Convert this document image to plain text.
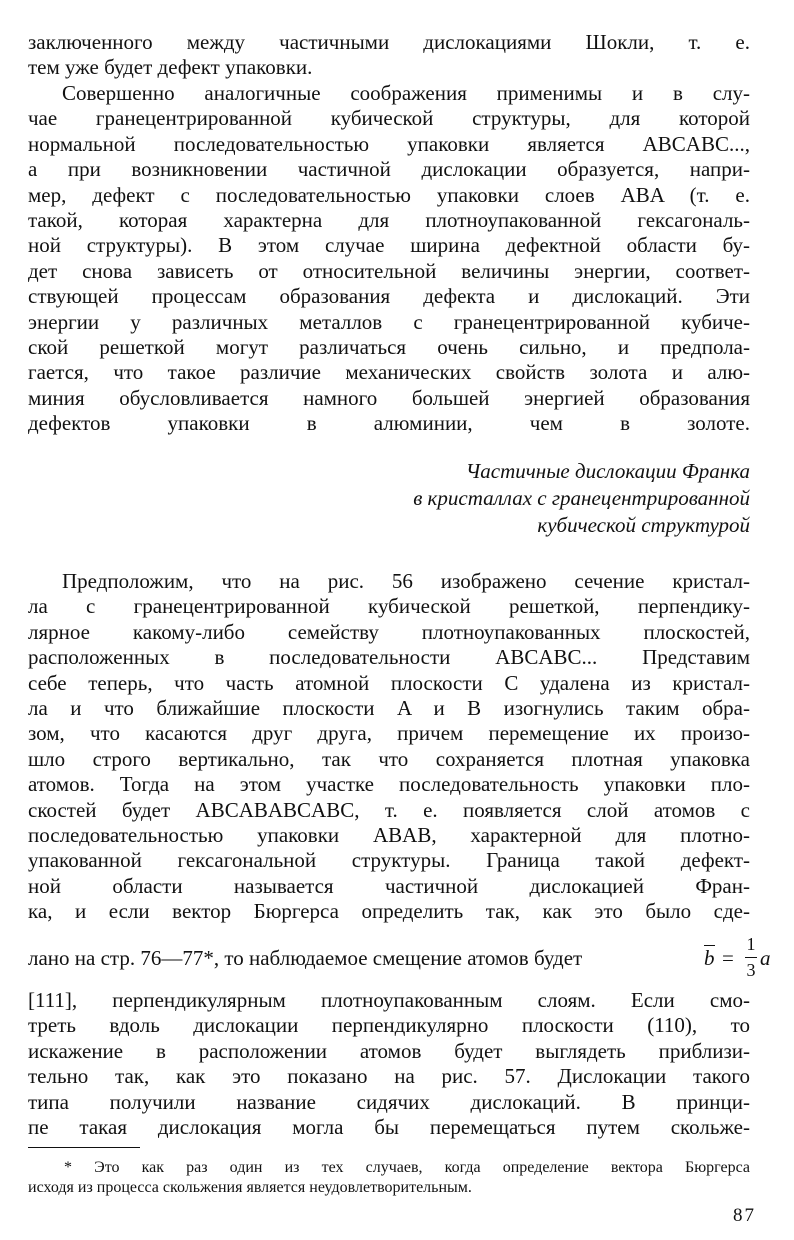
заключенного между частичными дислокациями Шокли, т. е.
тем уже будет дефект упаковки.
Совершенно аналогичные соображения применимы и в слу-
чае гранецентрированной кубической структуры, для которой
нормальной последовательностью упаковки является ABCABC...,
а при возникновении частичной дислокации образуется, напри-
мер, дефект с последовательностью упаковки слоев ABA (т. е.
такой, которая характерна для плотноупакованной гексагональ-
ной структуры). В этом случае ширина дефектной области бу-
дет снова зависеть от относительной величины энергии, соответ-
ствующей процессам образования дефекта и дислокаций. Эти
энергии у различных металлов с гранецентрированной кубиче-
ской решеткой могут различаться очень сильно, и предпола-
гается, что такое различие механических свойств золота и алю-
миния обусловливается намного большей энергией образования
дефектов упаковки в алюминии, чем в золоте.
Частичные дислокации Франка
в кристаллах с гранецентрированной
кубической структурой
Предположим, что на рис. 56 изображено сечение кристал-
ла с гранецентрированной кубической решеткой, перпендику-
лярное какому-либо семейству плотноупакованных плоскостей,
расположенных в последовательности ABCABC... Представим
себе теперь, что часть атомной плоскости C удалена из кристал-
ла и что ближайшие плоскости A и B изогнулись таким обра-
зом, что касаются друг друга, причем перемещение их произо-
шло строго вертикально, так что сохраняется плотная упаковка
атомов. Тогда на этом участке последовательность упаковки пло-
скостей будет ABCABABCABC, т. е. появляется слой атомов с
последовательностью упаковки ABAB, характерной для плотно-
упакованной гексагональной структуры. Граница такой дефект-
ной области называется частичной дислокацией Фран-
ка, и если вектор Бюргерса определить так, как это было сде-
лано на стр. 76—77*, то наблюдаемое смещение атомов будет	b =
1
3 a
[111], перпендикулярным плотноупакованным слоям. Если смо-
треть вдоль дислокации перпендикулярно плоскости (110), то
искажение в расположении атомов будет выглядеть приблизи-
тельно так, как это показано на рис. 57. Дислокации такого
типа получили название сидячих дислокаций. В принци-
пе такая дислокация могла бы перемещаться путем скольже-
* Это как раз один из тех случаев, когда определение вектора Бюргерса
исходя из процесса скольжения является неудовлетворительным.
87
